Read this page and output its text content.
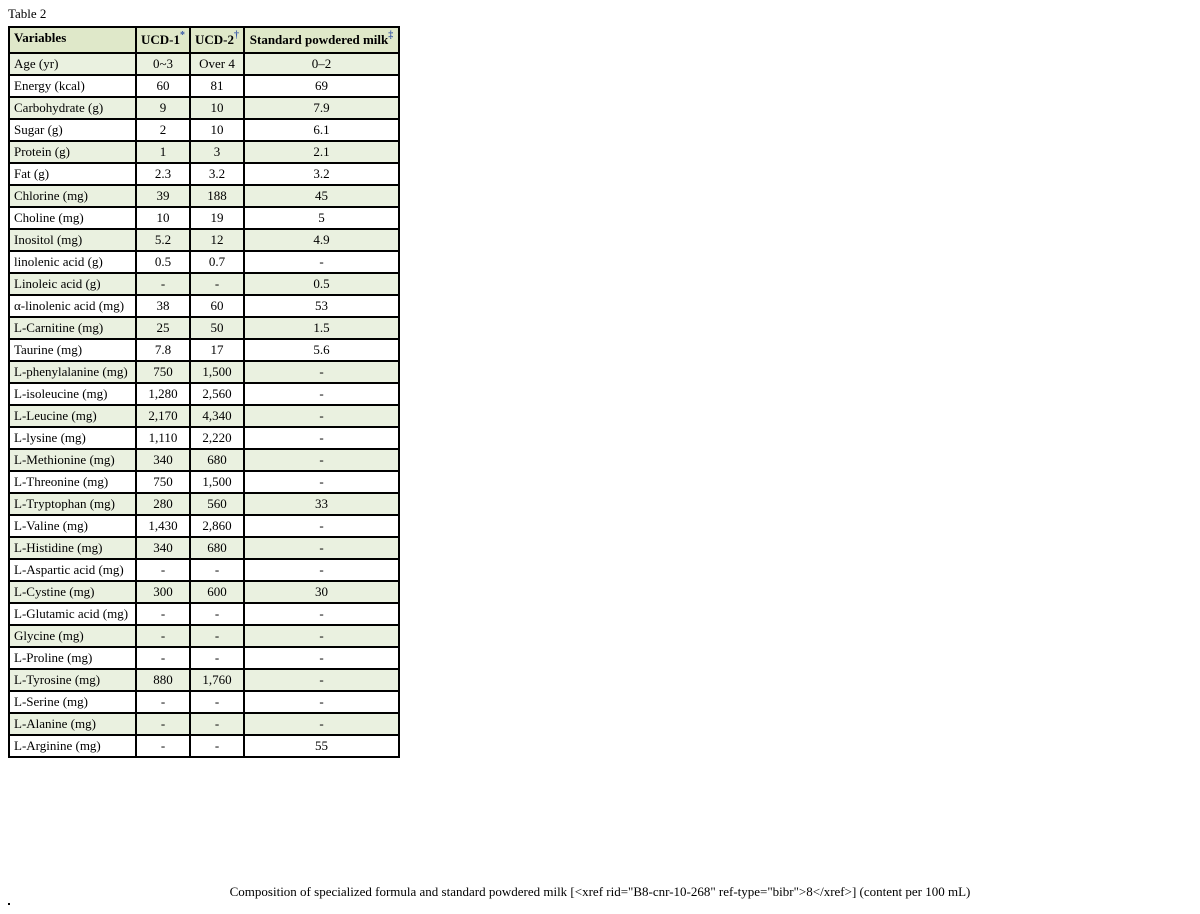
Table 2
Variables	UCD-1*	UCD-2†	Standard powdered milk‡
Age (yr)	0~3	Over 4	0–2
Energy (kcal)	60	81	69
Carbohydrate (g)	9	10	7.9
Sugar (g)	2	10	6.1
Protein (g)	1	3	2.1
Fat (g)	2.3	3.2	3.2
Chlorine (mg)	39	188	45
Choline (mg)	10	19	5
Inositol (mg)	5.2	12	4.9
linolenic acid (g)	0.5	0.7	-
Linoleic acid (g)	-	-	0.5
α-linolenic acid (mg)	38	60	53
L-Carnitine (mg)	25	50	1.5
Taurine (mg)	7.8	17	5.6
L-phenylalanine (mg)	750	1,500	-
L-isoleucine (mg)	1,280	2,560	-
L-Leucine (mg)	2,170	4,340	-
L-lysine (mg)	1,110	2,220	-
L-Methionine (mg)	340	680	-
L-Threonine (mg)	750	1,500	-
L-Tryptophan (mg)	280	560	33
L-Valine (mg)	1,430	2,860	-
L-Histidine (mg)	340	680	-
L-Aspartic acid (mg)	-	-	-
L-Cystine (mg)	300	600	30
L-Glutamic acid (mg)	-	-	-
Glycine (mg)	-	-	-
L-Proline (mg)	-	-	-
L-Tyrosine (mg)	880	1,760	-
L-Serine (mg)	-	-	-
L-Alanine (mg)	-	-	-
L-Arginine (mg)	-	-	55
Composition of specialized formula and standard powdered milk [<xref rid="B8-cnr-10-268" ref-type="bibr">8</xref>] (content per 100 mL)
